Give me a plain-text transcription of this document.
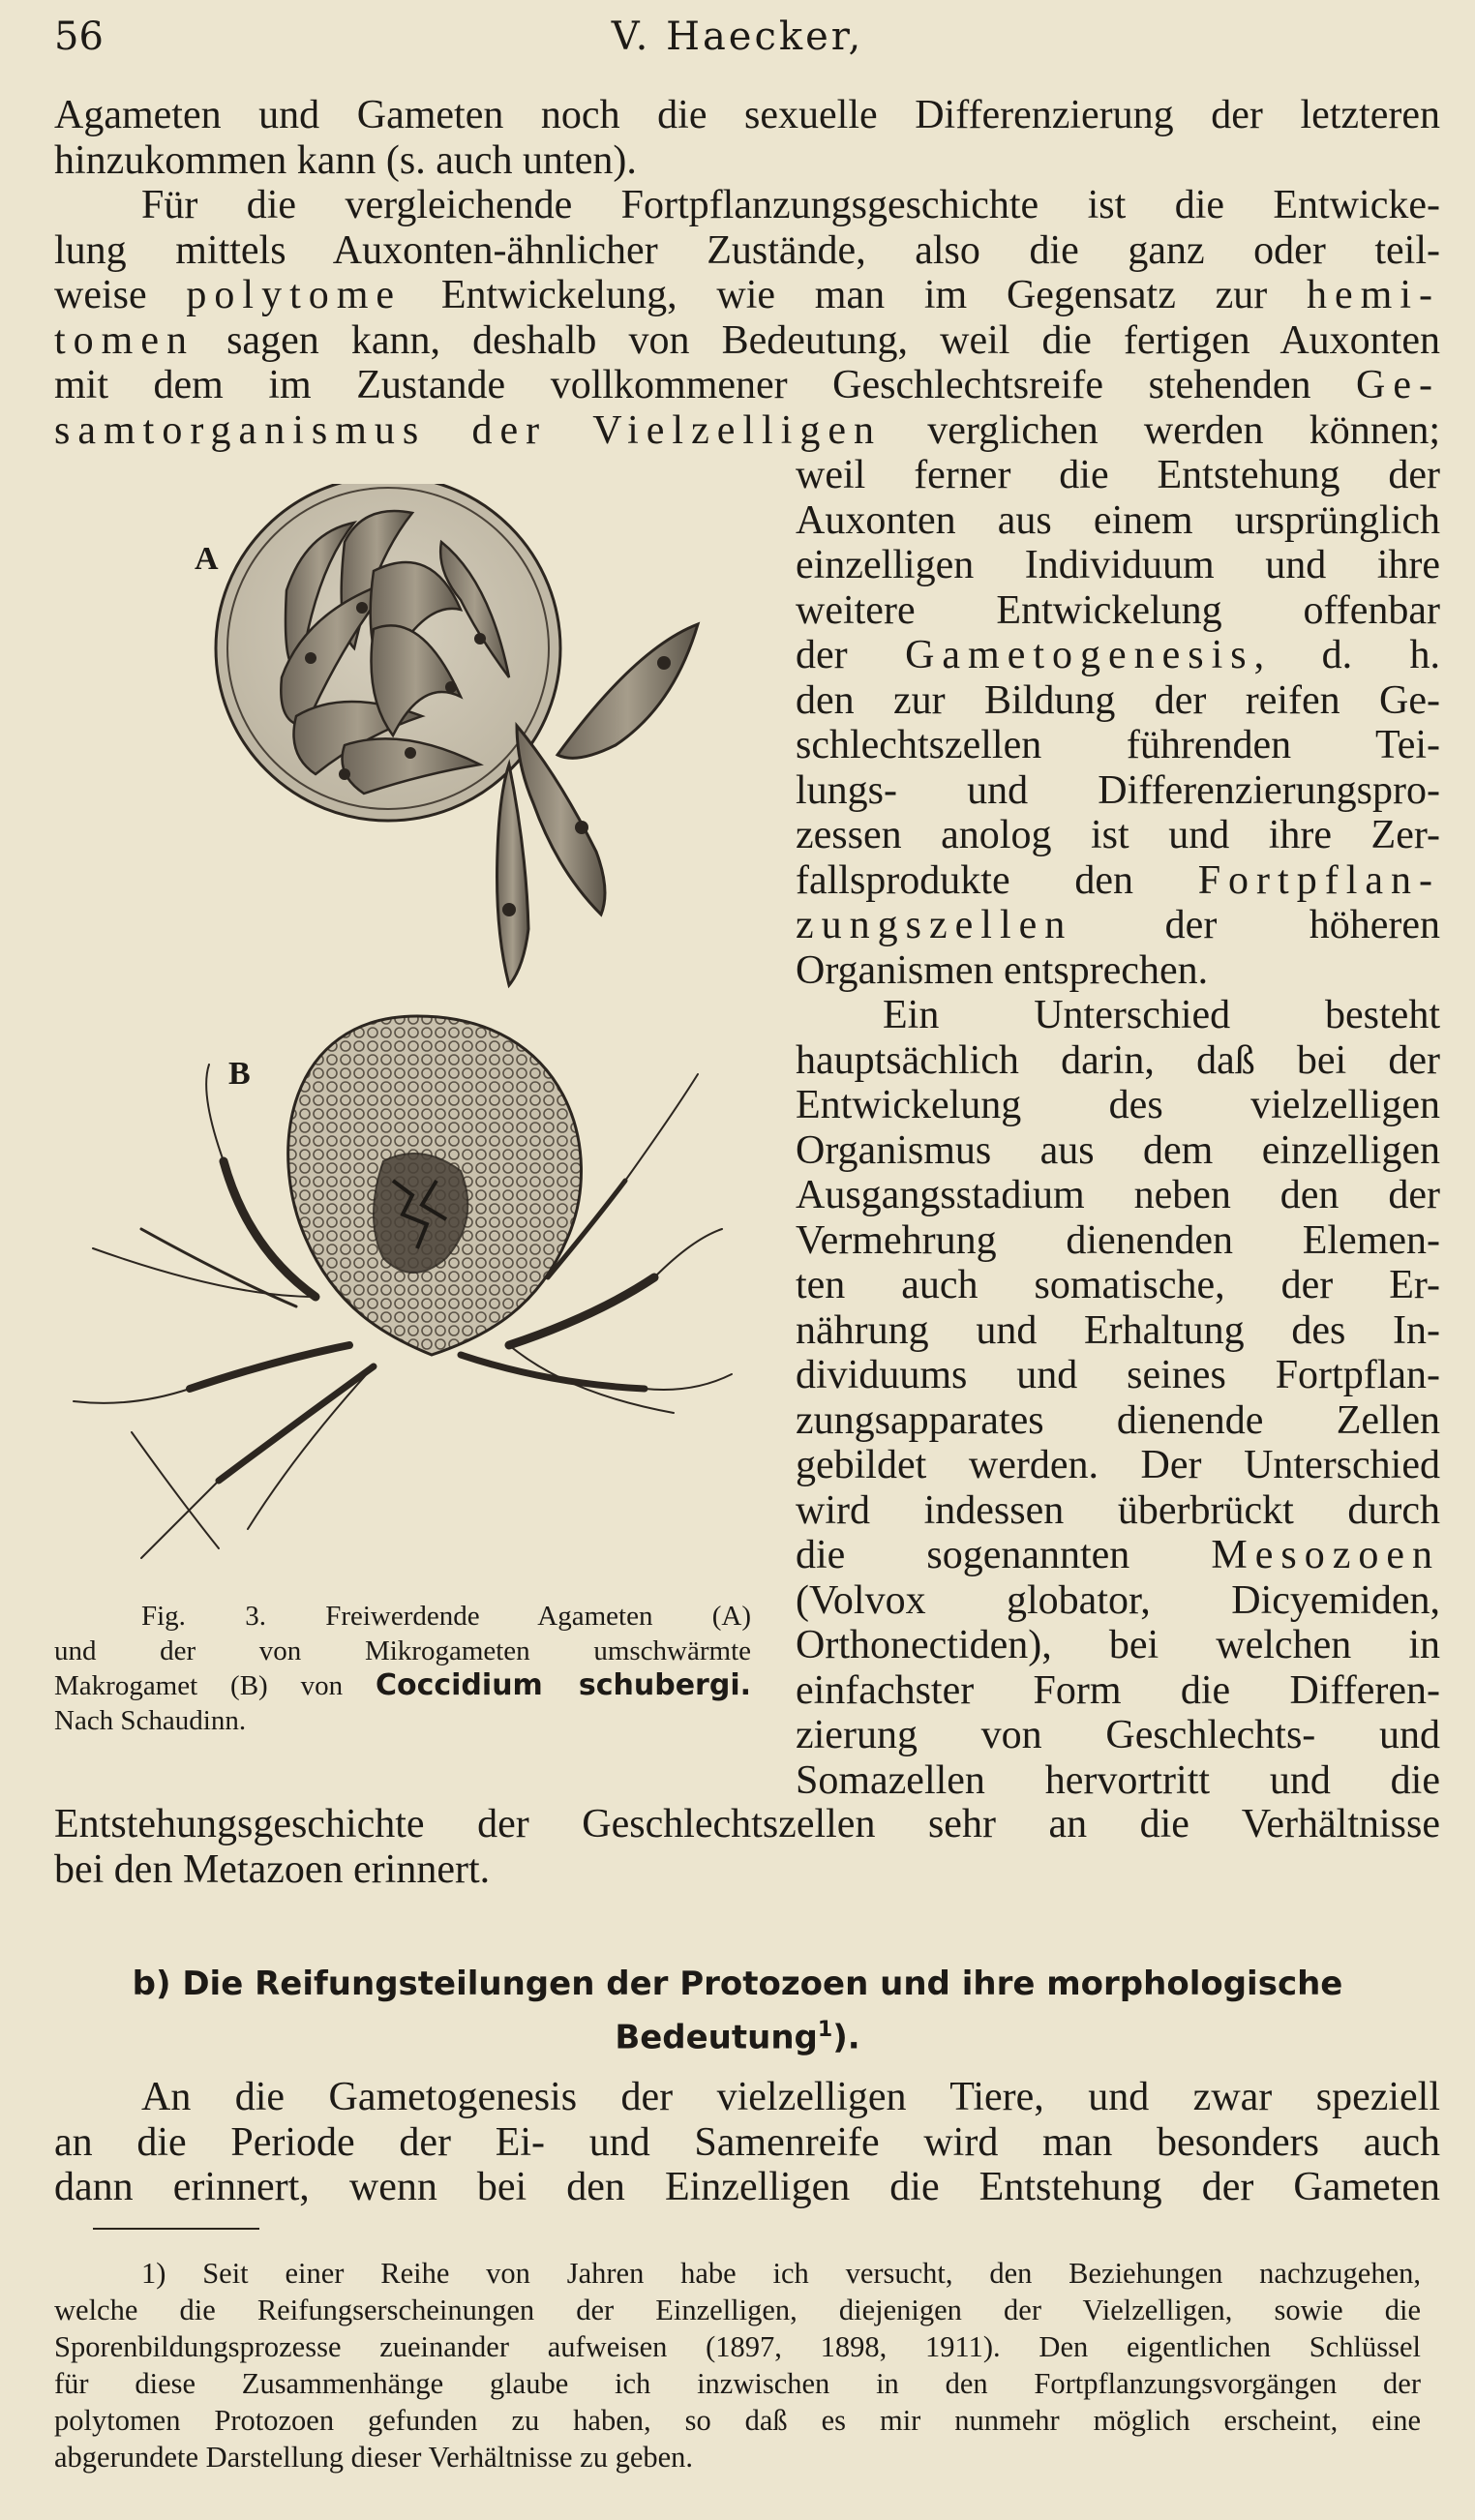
56	V. Haecker,
Agameten und Gameten noch die sexuelle Differenzierung der letzteren
hinzukommen kann (s. auch unten).
Für die vergleichende Fortpflanzungsgeschichte ist die Entwicke-
lung mittels Auxonten-ähnlicher Zustände, also die ganz oder teil-
weise polytome Entwickelung, wie man im Gegensatz zur hemi-
tomen sagen kann, deshalb von Bedeutung, weil die fertigen Auxonten
mit dem im Zustande vollkommener Geschlechtsreife stehenden Ge-
samtorganismus der Vielzelligen verglichen werden können;
A
B
weil ferner die Entstehung der
Auxonten aus einem ursprünglich
einzelligen Individuum und ihre
weitere Entwickelung offenbar
der Gametogenesis, d. h.
den zur Bildung der reifen Ge-
schlechtszellen führenden Tei-
lungs- und Differenzierungspro-
zessen anolog ist und ihre Zer-
fallsprodukte den Fortpflan-
zungszellen der höheren
Organismen entsprechen.
Ein Unterschied besteht
hauptsächlich darin, daß bei der
Entwickelung des vielzelligen
Organismus aus dem einzelligen
Ausgangsstadium neben den der
Vermehrung dienenden Elemen-
ten auch somatische, der Er-
nährung und Erhaltung des In-
dividuums und seines Fortpflan-
zungsapparates dienende Zellen
gebildet werden. Der Unterschied
wird indessen überbrückt durch
die sogenannten Mesozoen
(Volvox globator, Dicyemiden,
Orthonectiden), bei welchen in
einfachster Form die Differen-
zierung von Geschlechts- und
Somazellen hervortritt und die
Fig. 3. Freiwerdende Agameten (A)
und der von Mikrogameten umschwärmte
Makrogamet (B) von Coccidium schubergi.
Nach Schaudinn.
Entstehungsgeschichte der Geschlechtszellen sehr an die Verhältnisse
bei den Metazoen erinnert.
b) Die Reifungsteilungen der Protozoen und ihre morphologische
Bedeutung$^1$).
An die Gametogenesis der vielzelligen Tiere, und zwar speziell
an die Periode der Ei- und Samenreife wird man besonders auch
dann erinnert, wenn bei den Einzelligen die Entstehung der Gameten
1) Seit einer Reihe von Jahren habe ich versucht, den Beziehungen nachzugehen,
welche die Reifungserscheinungen der Einzelligen, diejenigen der Vielzelligen, sowie die
Sporenbildungsprozesse zueinander aufweisen (1897, 1898, 1911). Den eigentlichen Schlüssel
für diese Zusammenhänge glaube ich inzwischen in den Fortpflanzungsvorgängen der
polytomen Protozoen gefunden zu haben, so daß es mir nunmehr möglich erscheint, eine
abgerundete Darstellung dieser Verhältnisse zu geben.
